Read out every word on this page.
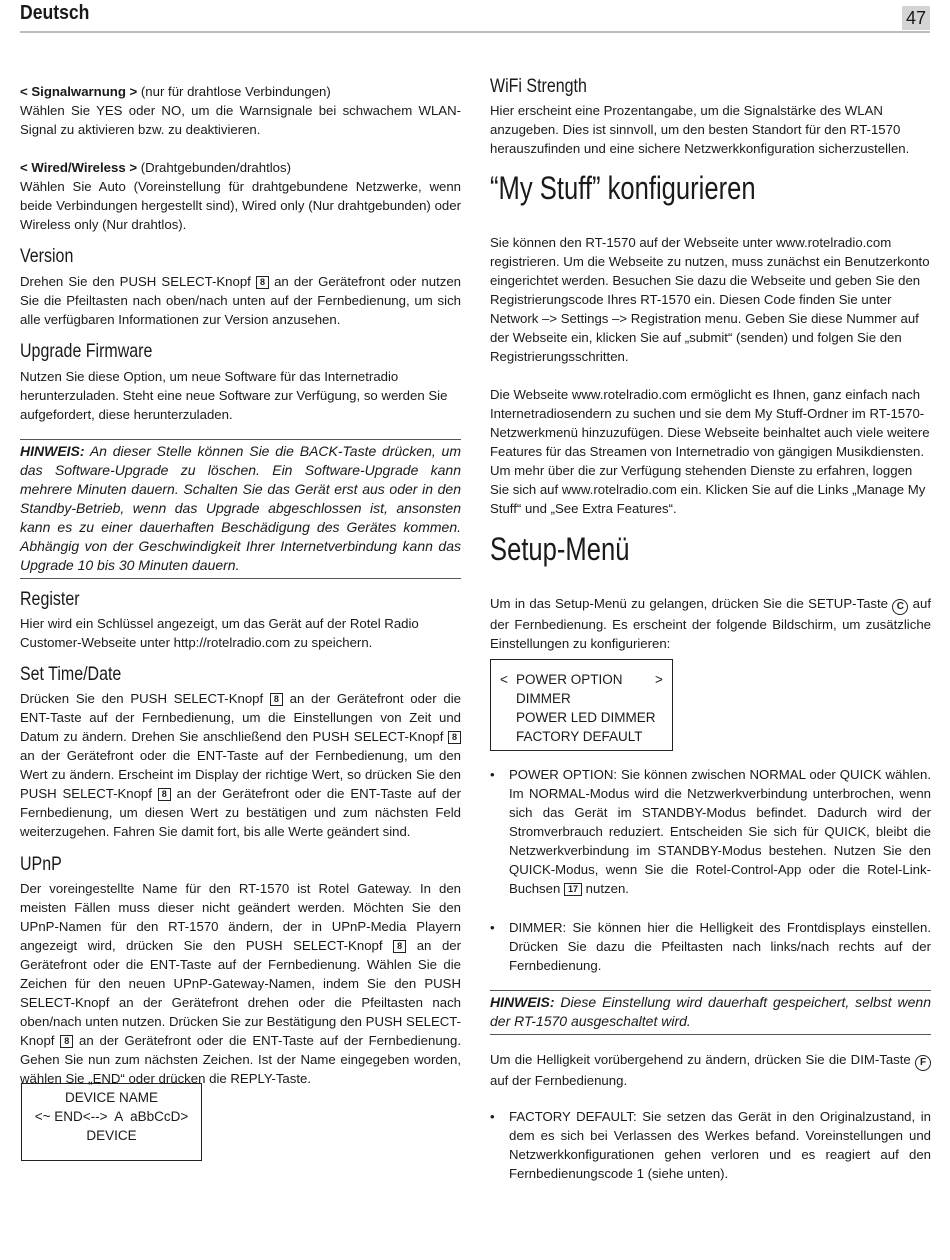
Deutsch	47

< Signalwarnung > (nur für drahtlose Verbindungen)

Wählen Sie YES oder NO, um die Warnsignale bei schwachem WLAN-Signal zu aktivieren bzw. zu deaktivieren.

< Wired/Wireless > (Drahtgebunden/drahtlos)

Wählen Sie Auto (Voreinstellung für drahtgebundene Netzwerke, wenn beide Verbindungen hergestellt sind), Wired only (Nur drahtgebunden) oder Wireless only (Nur drahtlos).

Version

Drehen Sie den PUSH SELECT-Knopf 8 an der Gerätefront oder nutzen Sie die Pfeiltasten nach oben/nach unten auf der Fernbedienung, um sich alle verfügbaren Informationen zur Version anzusehen.

Upgrade Firmware
Nutzen Sie diese Option, um neue Software für das Internetradio herunterzuladen. Steht eine neue Software zur Verfügung, so werden Sie aufgefordert, diese herunterzuladen.
HINWEIS: An dieser Stelle können Sie die BACK-Taste drücken, um das Software-Upgrade zu löschen. Ein Software-Upgrade kann mehrere Minuten dauern. Schalten Sie das Gerät erst aus oder in den Standby-Betrieb, wenn das Upgrade abgeschlossen ist, ansonsten kann es zu einer dauerhaften Beschädigung des Gerätes kommen. Abhängig von der Geschwindigkeit Ihrer Internetverbindung kann das Upgrade 10 bis 30 Minuten dauern.
Register
Hier wird ein Schlüssel angezeigt, um das Gerät auf der Rotel Radio Customer-Webseite unter http://rotelradio.com zu speichern.
Set Time/Date

Drücken Sie den PUSH SELECT-Knopf 8 an der Gerätefront oder die ENT-Taste auf der Fernbedienung, um die Einstellungen von Zeit und Datum zu ändern. Drehen Sie anschließend den PUSH SELECT-Knopf 8 an der Gerätefront oder die ENT-Taste auf der Fernbedienung, um den Wert zu ändern. Erscheint im Display der richtige Wert, so drücken Sie den PUSH SELECT-Knopf 8 an der Gerätefront oder die ENT-Taste auf der Fernbedienung, um diesen Wert zu bestätigen und zum nächsten Feld weiterzugehen. Fahren Sie damit fort, bis alle Werte geändert sind.

UPnP

Der voreingestellte Name für den RT-1570 ist Rotel Gateway. In den meisten Fällen muss dieser nicht geändert werden. Möchten Sie den UPnP-Namen für den RT-1570 ändern, der in UPnP-Media Playern angezeigt wird, drücken Sie den PUSH SELECT-Knopf 8 an der Gerätefront oder die ENT-Taste auf der Fernbedienung. Wählen Sie die Zeichen für den neuen UPnP-Gateway-Namen, indem Sie den PUSH SELECT-Knopf an der Gerätefront drehen oder die Pfeiltasten nach oben/nach unten nutzen. Drücken Sie zur Bestätigung den PUSH SELECT-Knopf 8 an der Gerätefront oder die ENT-Taste auf der Fernbedienung. Gehen Sie nun zum nächsten Zeichen. Ist der Name eingegeben worden, wählen Sie „END“ oder drücken die REPLY-Taste.

DEVICE NAME
<~ END<-->  A  aBbCcD>
DEVICE
WiFi Strength
Hier erscheint eine Prozentangabe, um die Signalstärke des WLAN anzugeben. Dies ist sinnvoll, um den besten Standort für den RT-1570 herauszufinden und eine sichere Netzwerkkonfiguration sicherzustellen.
“My Stuff” konfigurieren
Sie können den RT-1570 auf der Webseite unter www.rotelradio.com registrieren. Um die Webseite zu nutzen, muss zunächst ein Benutzerkonto eingerichtet werden. Besuchen Sie dazu die Webseite und geben Sie den Registrierungscode Ihres RT-1570 ein. Diesen Code finden Sie unter Network –> Settings –> Registration menu. Geben Sie diese Nummer auf der Webseite ein, klicken Sie auf „submit“ (senden) und folgen Sie den Registrierungsschritten.
Die Webseite www.rotelradio.com ermöglicht es Ihnen, ganz einfach nach Internetradiosendern zu suchen und sie dem My Stuff-Ordner im RT-1570-Netzwerkmenü hinzuzufügen. Diese Webseite beinhaltet auch viele weitere Features für das Streamen von Internetradio von gängigen Musikdiensten. Um mehr über die zur Verfügung stehenden Dienste zu erfahren, loggen Sie sich auf www.rotelradio.com ein. Klicken Sie auf die Links „Manage My Stuff“ und „See Extra Features“.
Setup-Menü

Um in das Setup-Menü zu gelangen, drücken Sie die SETUP-Taste C auf der Fernbedienung. Es erscheint der folgende Bildschirm, um zusätzliche Einstellungen zu konfigurieren:

<	>
POWER OPTION
DIMMER
POWER LED DIMMER
FACTORY DEFAULT
• POWER OPTION: Sie können zwischen NORMAL oder QUICK wählen. Im NORMAL-Modus wird die Netzwerkverbindung unterbrochen, wenn sich das Gerät im STANDBY-Modus befindet. Dadurch wird der Stromverbrauch reduziert. Entscheiden Sie sich für QUICK, bleibt die Netzwerkverbindung im STANDBY-Modus bestehen. Nutzen Sie den QUICK-Modus, wenn Sie die Rotel-Control-App oder die Rotel-Link-Buchsen 17 nutzen.

• DIMMER: Sie können hier die Helligkeit des Frontdisplays einstellen. Drücken Sie dazu die Pfeiltasten nach links/nach rechts auf der Fernbedienung.

HINWEIS: Diese Einstellung wird dauerhaft gespeichert, selbst wenn der RT-1570 ausgeschaltet wird.

Um die Helligkeit vorübergehend zu ändern, drücken Sie die DIM-Taste F auf der Fernbedienung.

• FACTORY DEFAULT: Sie setzen das Gerät in den Originalzustand, in dem es sich bei Verlassen des Werkes befand. Voreinstellungen und Netzwerkkonfigurationen gehen verloren und es reagiert auf den Fernbedienungscode 1 (siehe unten).
